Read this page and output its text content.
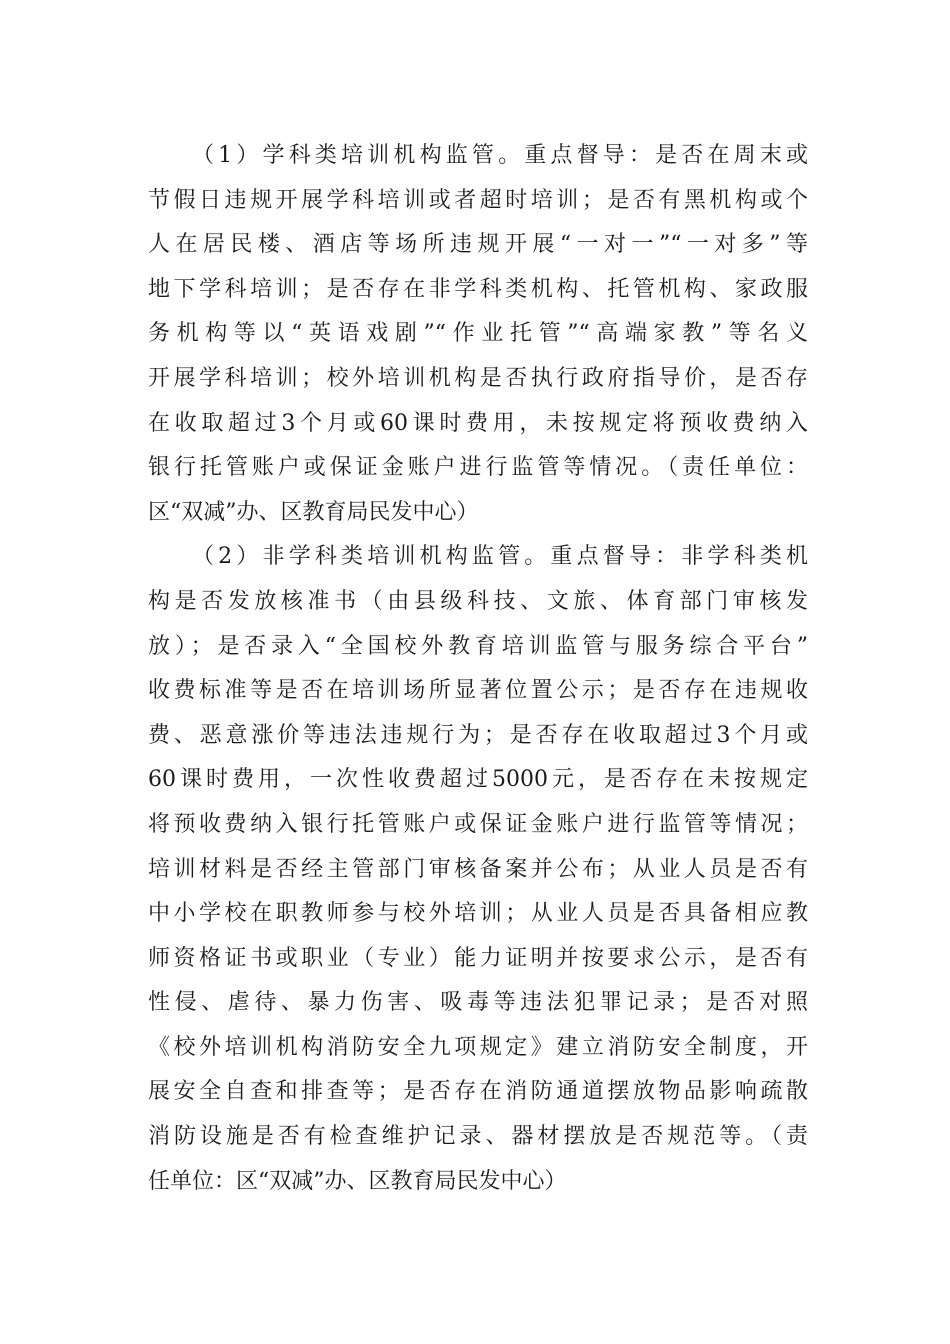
（1）学科类培训机构监管。重点督导：是否在周末或
节假日违规开展学科培训或者超时培训；是否有黑机构或个
人在居民楼、酒店等场所违规开展“一对一”“一对多”等
地下学科培训；是否存在非学科类机构、托管机构、家政服
务机构等以“英语戏剧”“作业托管”“高端家教”等名义
开展学科培训；校外培训机构是否执行政府指导价，是否存
在收取超过3个月或60课时费用，未按规定将预收费纳入
银行托管账户或保证金账户进行监管等情况。（责任单位：
区“双减”办、区教育局民发中心）
（2）非学科类培训机构监管。重点督导：非学科类机
构是否发放核准书（由县级科技、文旅、体育部门审核发
放）；是否录入“全国校外教育培训监管与服务综合平台”
收费标准等是否在培训场所显著位置公示；是否存在违规收
费、恶意涨价等违法违规行为；是否存在收取超过3个月或
60课时费用，一次性收费超过5000元，是否存在未按规定
将预收费纳入银行托管账户或保证金账户进行监管等情况；
培训材料是否经主管部门审核备案并公布；从业人员是否有
中小学校在职教师参与校外培训；从业人员是否具备相应教
师资格证书或职业（专业）能力证明并按要求公示，是否有
性侵、虐待、暴力伤害、吸毒等违法犯罪记录；是否对照
《校外培训机构消防安全九项规定》建立消防安全制度，开
展安全自查和排查等；是否存在消防通道摆放物品影响疏散
消防设施是否有检查维护记录、器材摆放是否规范等。（责
任单位：区“双减”办、区教育局民发中心）
